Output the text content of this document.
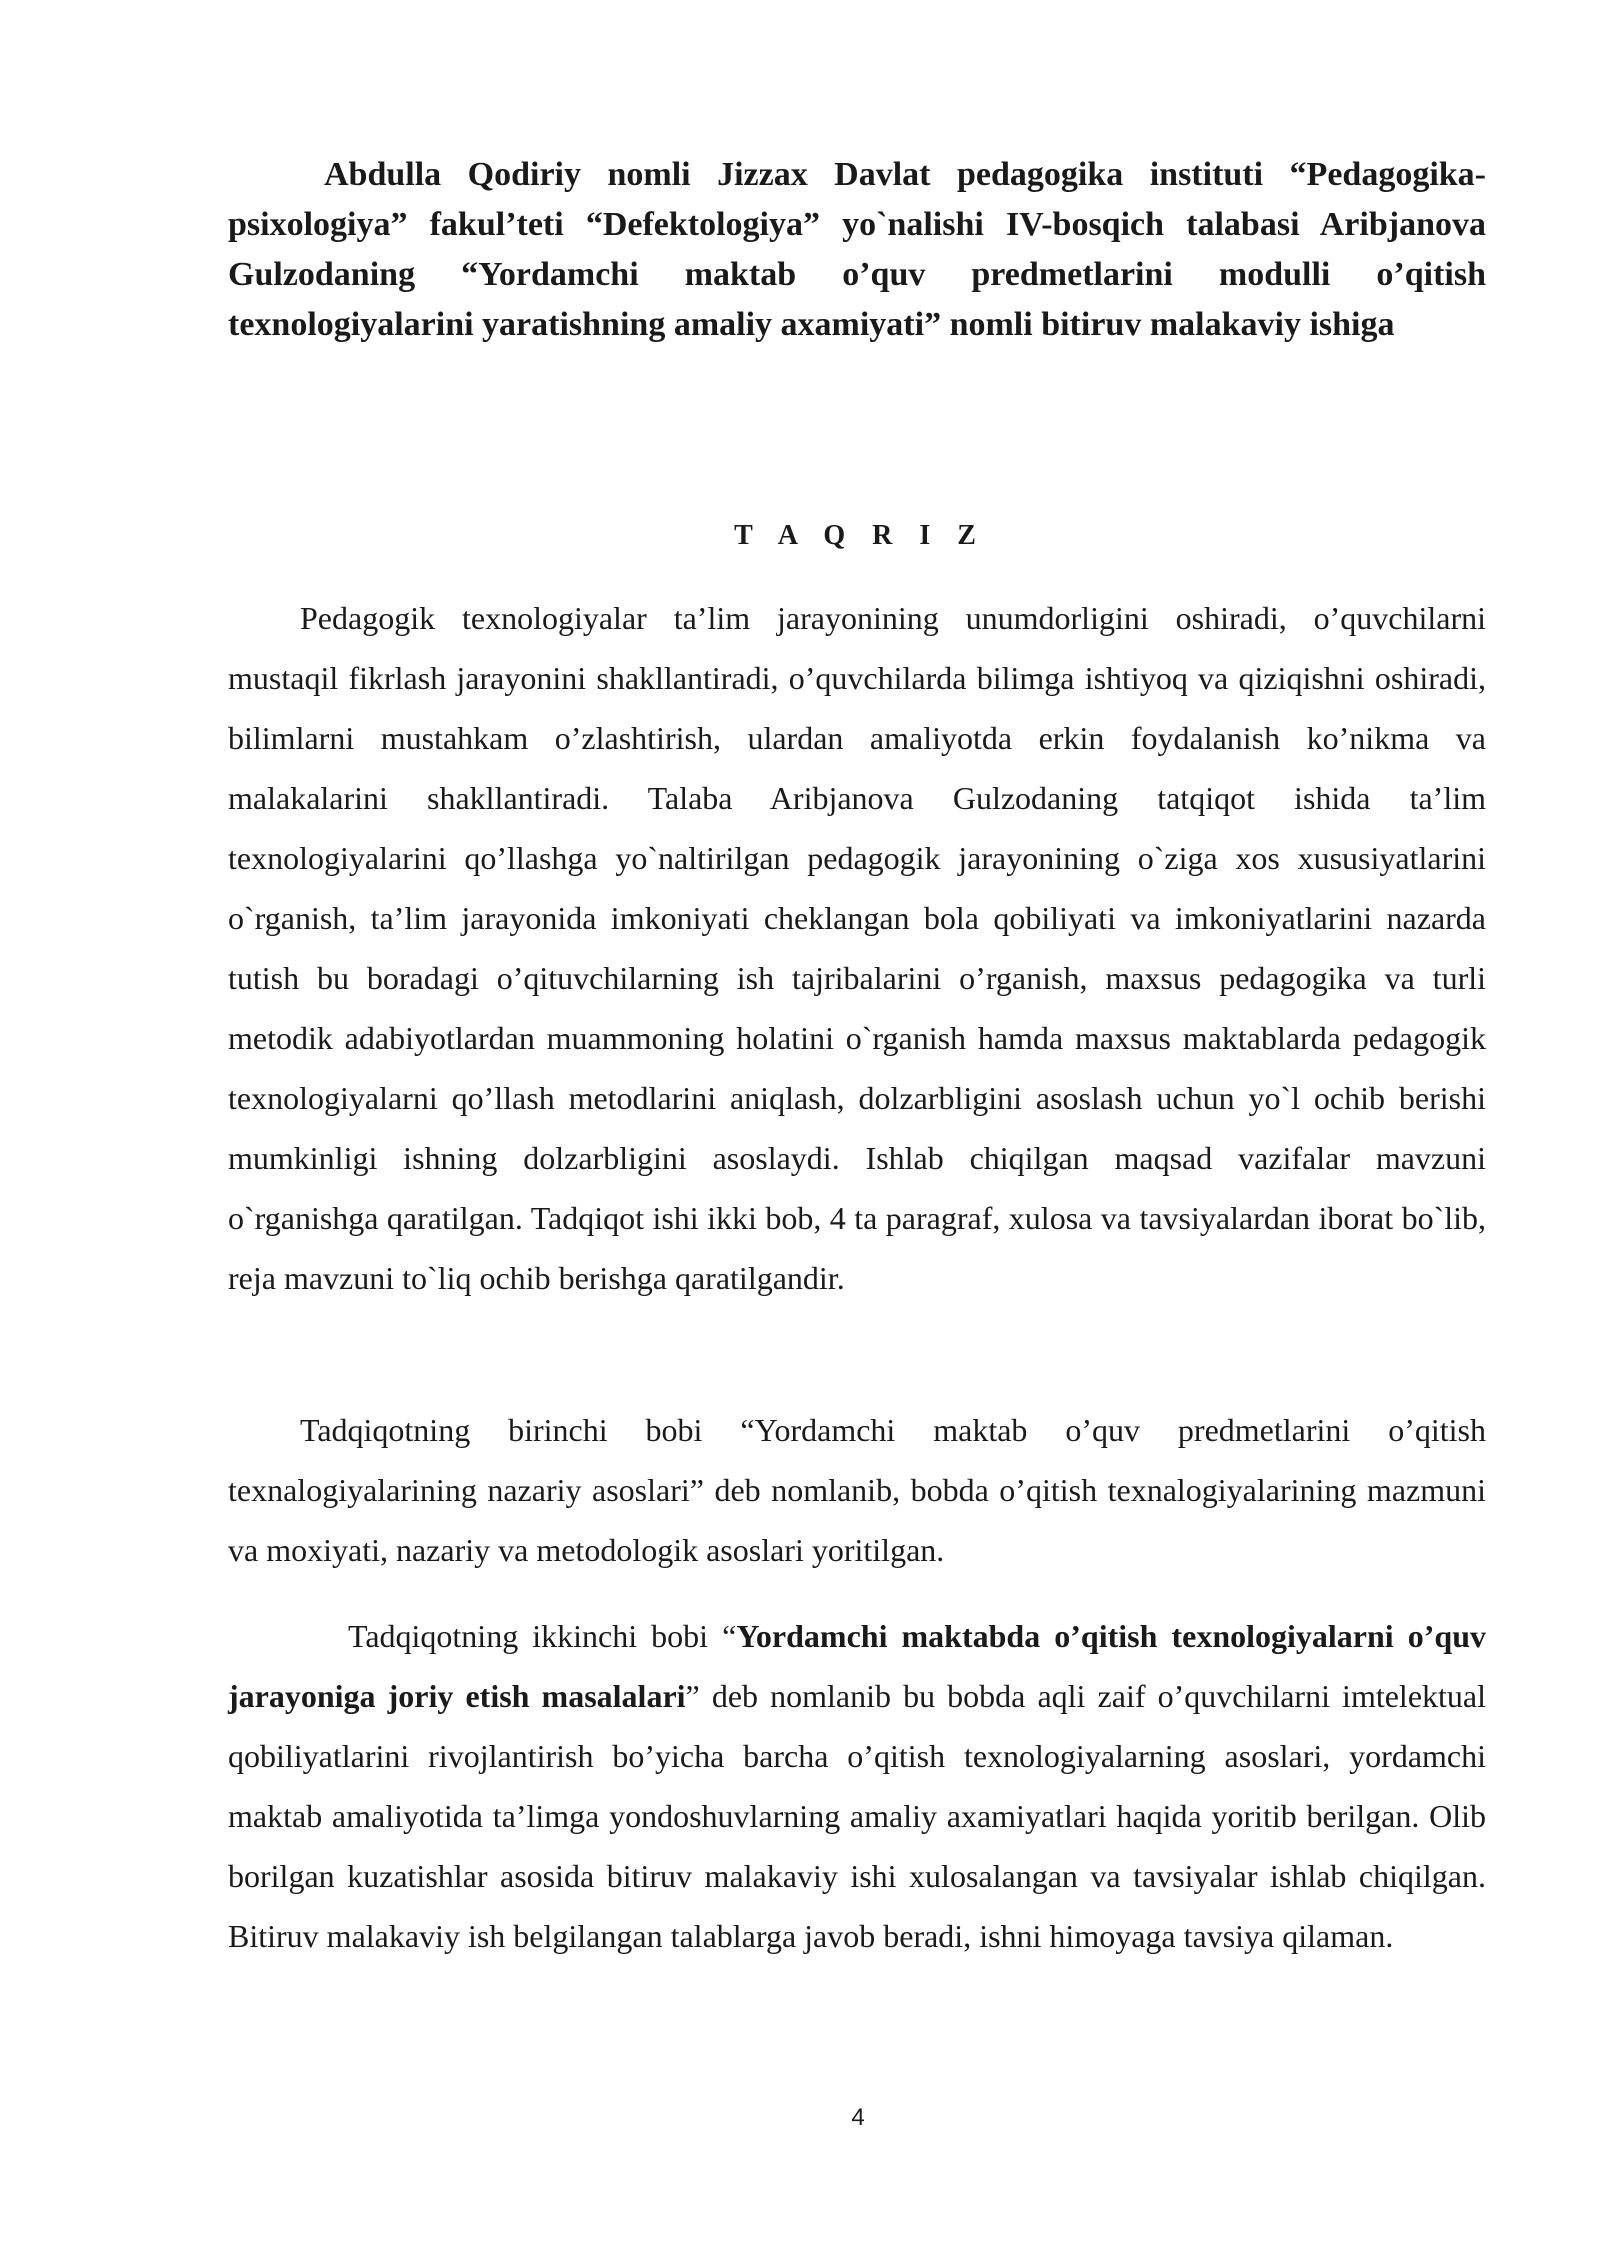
Abdulla Qodiriy nomli Jizzax Davlat pedagogika instituti “Pedagogika-psixologiya” fakul’teti “Defektologiya” yo`nalishi IV-bosqich talabasi Aribjanova Gulzodaning “Yordamchi maktab o’quv predmetlarini modulli o’qitish texnologiyalarini yaratishning amaliy axamiyati” nomli bitiruv malakaviy ishiga

T A Q R I Z

Pedagogik texnologiyalar ta’lim jarayonining unumdorligini oshiradi, o’quvchilarni mustaqil fikrlash jarayonini shakllantiradi, o’quvchilarda bilimga ishtiyoq va qiziqishni oshiradi, bilimlarni mustahkam o’zlashtirish, ulardan amaliyotda erkin foydalanish ko’nikma va malakalarini shakllantiradi. Talaba Aribjanova Gulzodaning tatqiqot ishida ta’lim texnologiyalarini qo’llashga yo`naltirilgan pedagogik jarayonining o`ziga xos xususiyatlarini o`rganish, ta’lim jarayonida imkoniyati cheklangan bola qobiliyati va imkoniyatlarini nazarda tutish bu boradagi o’qituvchilarning ish tajribalarini o’rganish, maxsus pedagogika va turli metodik adabiyotlardan muammoning holatini o`rganish hamda maxsus maktablarda pedagogik texnologiyalarni qo’llash metodlarini aniqlash, dolzarbligini asoslash uchun yo`l ochib berishi mumkinligi ishning dolzarbligini asoslaydi. Ishlab chiqilgan maqsad vazifalar mavzuni o`rganishga qaratilgan. Tadqiqot ishi ikki bob, 4 ta paragraf, xulosa va tavsiyalardan iborat bo`lib, reja mavzuni to`liq ochib berishga qaratilgandir.

Tadqiqotning birinchi bobi “Yordamchi maktab o’quv predmetlarini o’qitish texnalogiyalarining nazariy asoslari” deb nomlanib, bobda o’qitish texnalogiyalarining mazmuni va moxiyati, nazariy va metodologik asoslari yoritilgan.

Tadqiqotning ikkinchi bobi “Yordamchi maktabda o’qitish texnologiyalarni o’quv jarayoniga joriy etish masalalari” deb nomlanib bu bobda aqli zaif o’quvchilarni imtelektual qobiliyatlarini rivojlantirish bo’yicha barcha o’qitish texnologiyalarning asoslari, yordamchi maktab amaliyotida ta’limga yondoshuvlarning amaliy axamiyatlari haqida yoritib berilgan. Olib borilgan kuzatishlar asosida bitiruv malakaviy ishi xulosalangan va tavsiyalar ishlab chiqilgan. Bitiruv malakaviy ish belgilangan talablarga javob beradi, ishni himoyaga tavsiya qilaman.

4
